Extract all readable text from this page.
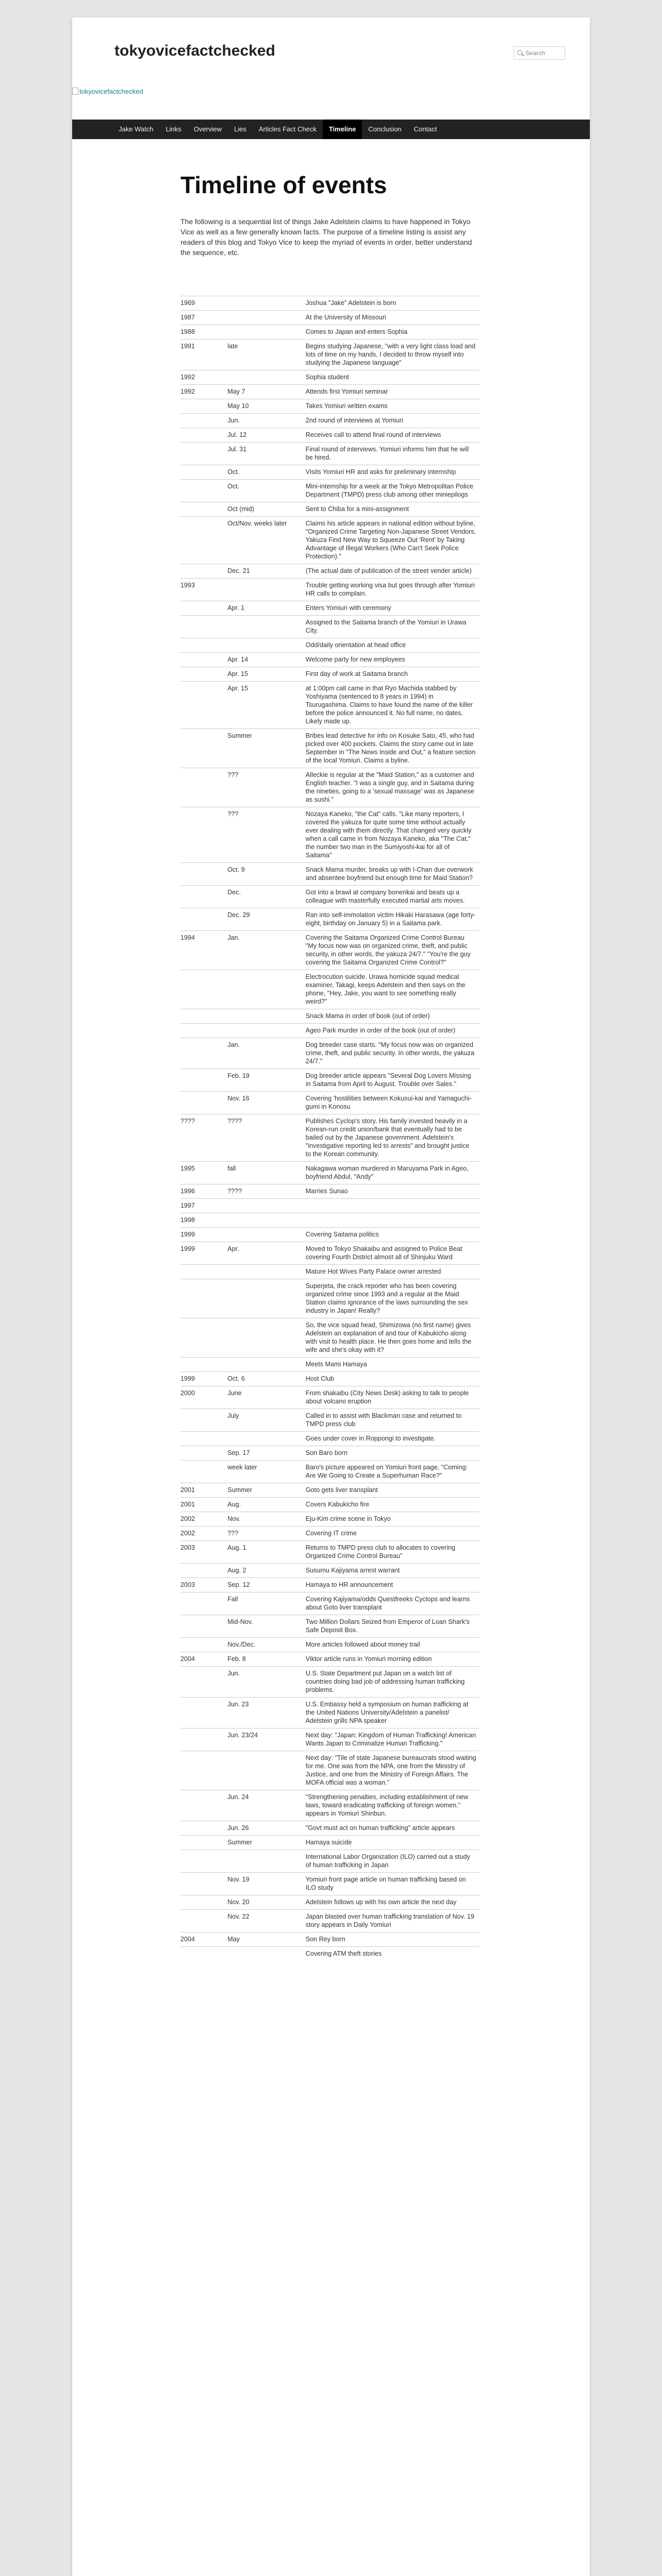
tokyovicefactchecked	Search
tokyovicefactchecked
Jake Watch	Links	Overview	Lies	Articles Fact Check	Timeline	Conclusion	Contact
Timeline of events

The following is a sequential list of things Jake Adelstein claims to have happened in Tokyo Vice as well as a few generally known facts. The purpose of a timeline listing is assist any readers of this blog and Tokyo Vice to keep the myriad of events in order, better understand the sequence, etc.

1969		Joshua "Jake" Adelstein is born
1987		At the University of Missouri
1988		Comes to Japan and enters Sophia
1991	late	Begins studying Japanese, "with a very light class load and lots of time on my hands, I decided to throw myself into studying the Japanese language"
1992		Sophia student
1992	May 7	Attends first Yomiuri seminar
	May 10	Takes Yomiuri written exams
	Jun.	2nd round of interviews at Yomiuri
	Jul. 12	Receives call to attend final round of interviews
	Jul. 31	Final round of interviews. Yomiuri informs him that he will be hired.
	Oct.	Visits Yomiuri HR and asks for preliminary internship
	Oct.	Mini-internship for a week at the Tokyo Metropolitan Police Department (TMPD) press club among other miniepilogs
	Oct (mid)	Sent to Chiba for a mini-assignment
	Oct/Nov. weeks later	Claims his article appears in national edition without byline, "Organized Crime Targeting Non-Japanese Street Vendors. Yakuza Find New Way to Squeeze Out 'Rent' by Taking Advantage of Illegal Workers (Who Can't Seek Police Protection)."
	Dec. 21	(The actual date of publication of the street vender article)
1993		Trouble getting working visa but goes through after Yomiuri HR calls to complain.
	Apr. 1	Enters Yomiuri with ceremony
		Assigned to the Saitama branch of the Yomiuri in Urawa City.
		Odd/daily orientation at head office
	Apr. 14	Welcome party for new employees
	Apr. 15	First day of work at Saitama branch
	Apr. 15	at 1:00pm call came in that Ryo Machida stabbed by Yoshiyama (sentenced to 8 years in 1994) in Tsurugashima. Claims to have found the name of the killer before the police announced it. No full name, no dates. Likely made up.
	Summer	Bribes lead detective for info on Kosuke Sato, 45, who had picked over 400 pockets. Claims the story came out in late September in "The News Inside and Out," a feature section of the local Yomiuri. Claims a byline.
	???	Alleckie is regular at the "Maid Station," as a customer and English teacher. "I was a single guy, and in Saitama during the nineties, going to a 'sexual massage' was as Japanese as sushi."
	???	Nozaya Kaneko, "the Cat" calls. "Like many reporters, I covered the yakuza for quite some time without actually ever dealing with them directly. That changed very quickly when a call came in from Nozaya Kaneko, aka "The Cat," the number two man in the Sumiyoshi-kai for all of Saitama"
	Oct. 9	Snack Mama murder, breaks up with I-Chan due overwork and absentee boyfriend but enough time for Maid Station?
	Dec.	Got into a brawl at company bonenkai and beats up a colleague with masterfully executed martial arts moves.
	Dec. 29	Ran into self-immolation victim Hikaki Harasawa (age forty-eight, birthday on January 5) in a Saitama park.
1994	Jan.	Covering the Saitama Organized Crime Control Bureau "My focus now was on organized crime, theft, and public security, in other words, the yakuza 24/7." "You're the guy covering the Saitama Organized Crime Control?"
		Electrocution suicide. Urawa homicide squad medical examiner, Takagi, keeps Adelstein and then says on the phone, "Hey, Jake, you want to see something really weird?"
		Snack Mama in order of book (out of order)
		Ageo Park murder in order of the book (out of order)
	Jan.	Dog breeder case starts. "My focus now was on organized crime, theft, and public security. In other words, the yakuza 24/7."
	Feb. 19	Dog breeder article appears "Several Dog Lovers Missing in Saitama from April to August. Trouble over Sales."
	Nov. 16	Covering 'hostilities between Kokusui-kai and Yamaguchi-gumi in Konosu
????	????	Publishes Cyclop's story. His family invested heavily in a Korean-run credit union/bank that eventually had to be bailed out by the Japanese government. Adelstein's "investigative reporting led to arrests" and brought justice to the Korean community.
1995	fall	Nakagawa woman murdered in Maruyama Park in Ageo, boyfriend Abdul, "Andy"
1996	????	Marries Sunao
1997		
1998		
1999		Covering Saitama politics
1999	Apr.	Moved to Tokyo Shakaibu and assigned to Police Beat covering Fourth District almost all of Shinjuku Ward
		Mature Hot Wives Party Palace owner arrested
		Superjeta, the crack reporter who has been covering organized crime since 1993 and a regular at the Maid Station claims ignorance of the laws surrounding the sex industry in Japan! Really?
		So, the vice squad head, Shimizowa (no first name) gives Adelstein an explanation of and tour of Kabukicho along with visit to health place. He then goes home and tells the wife and she's okay with it?
		Meets Mami Hamaya
1999	Oct. 6	Host Club
2000	June	From shakaibu (City News Desk) asking to talk to people about volcano eruption
	July	Called in to assist with Blackman case and returned to TMPD press club
		Goes under cover in Roppongi to investigate.
	Sep. 17	Son Baro born
	week later	Baro's picture appeared on Yomiuri front page, "Coming: Are We Going to Create a Superhuman Race?"
2001	Summer	Goto gets liver transplant
2001	Aug.	Covers Kabukicho fire
2002	Nov.	Eju-Kim crime scene in Tokyo
2002	???	Covering IT crime
2003	Aug. 1	Returns to TMPD press club to allocates to covering Organized Crime Control Bureau"
	Aug. 2	Susumu Kajiyama arrest warrant
2003	Sep. 12	Hamaya to HR announcement
	Fall	Covering Kajiyama/odds Questfreeks Cyclops and learns about Goto liver transplant
	Mid-Nov.	Two Million Dollars Seized from Emperor of Loan Shark's Safe Deposit Box.
	Nov./Dec.	More articles followed about money trail
2004	Feb. 8	Viktor article runs in Yomiuri morning edition
	Jun.	U.S. State Department put Japan on a watch list of countries doing bad job of addressing human trafficking problems.
	Jun. 23	U.S. Embassy held a symposium on human trafficking at the United Nations University/Adelstein a panelist/ Adelstein grills NPA speaker
	Jun. 23/24	Next day: "Japan: Kingdom of Human Trafficking! American Wants Japan to Criminalize Human Trafficking."
		Next day: "Tile of state Japanese bureaucrats stood waiting for me. One was from the NPA, one from the Ministry of Justice, and one from the Ministry of Foreign Affairs. The MOFA official was a woman."
	Jun. 24	"Strengthening penalties, including establishment of new laws, toward eradicating trafficking of foreign women." appears in Yomiuri Shinbun.
	Jun. 26	"Govt must act on human trafficking" article appears
	Summer	Hamaya suicide
		International Labor Organization (ILO) carried out a study of human trafficking in Japan
	Nov. 19	Yomiuri front page article on human trafficking based on ILO study
	Nov. 20	Adelstein follows up with his own article the next day
	Nov. 22	Japan blasted over human trafficking translation of Nov. 19 story appears in Daily Yomiuri
2004	May	Son Rey born
		Covering ATM theft stories
